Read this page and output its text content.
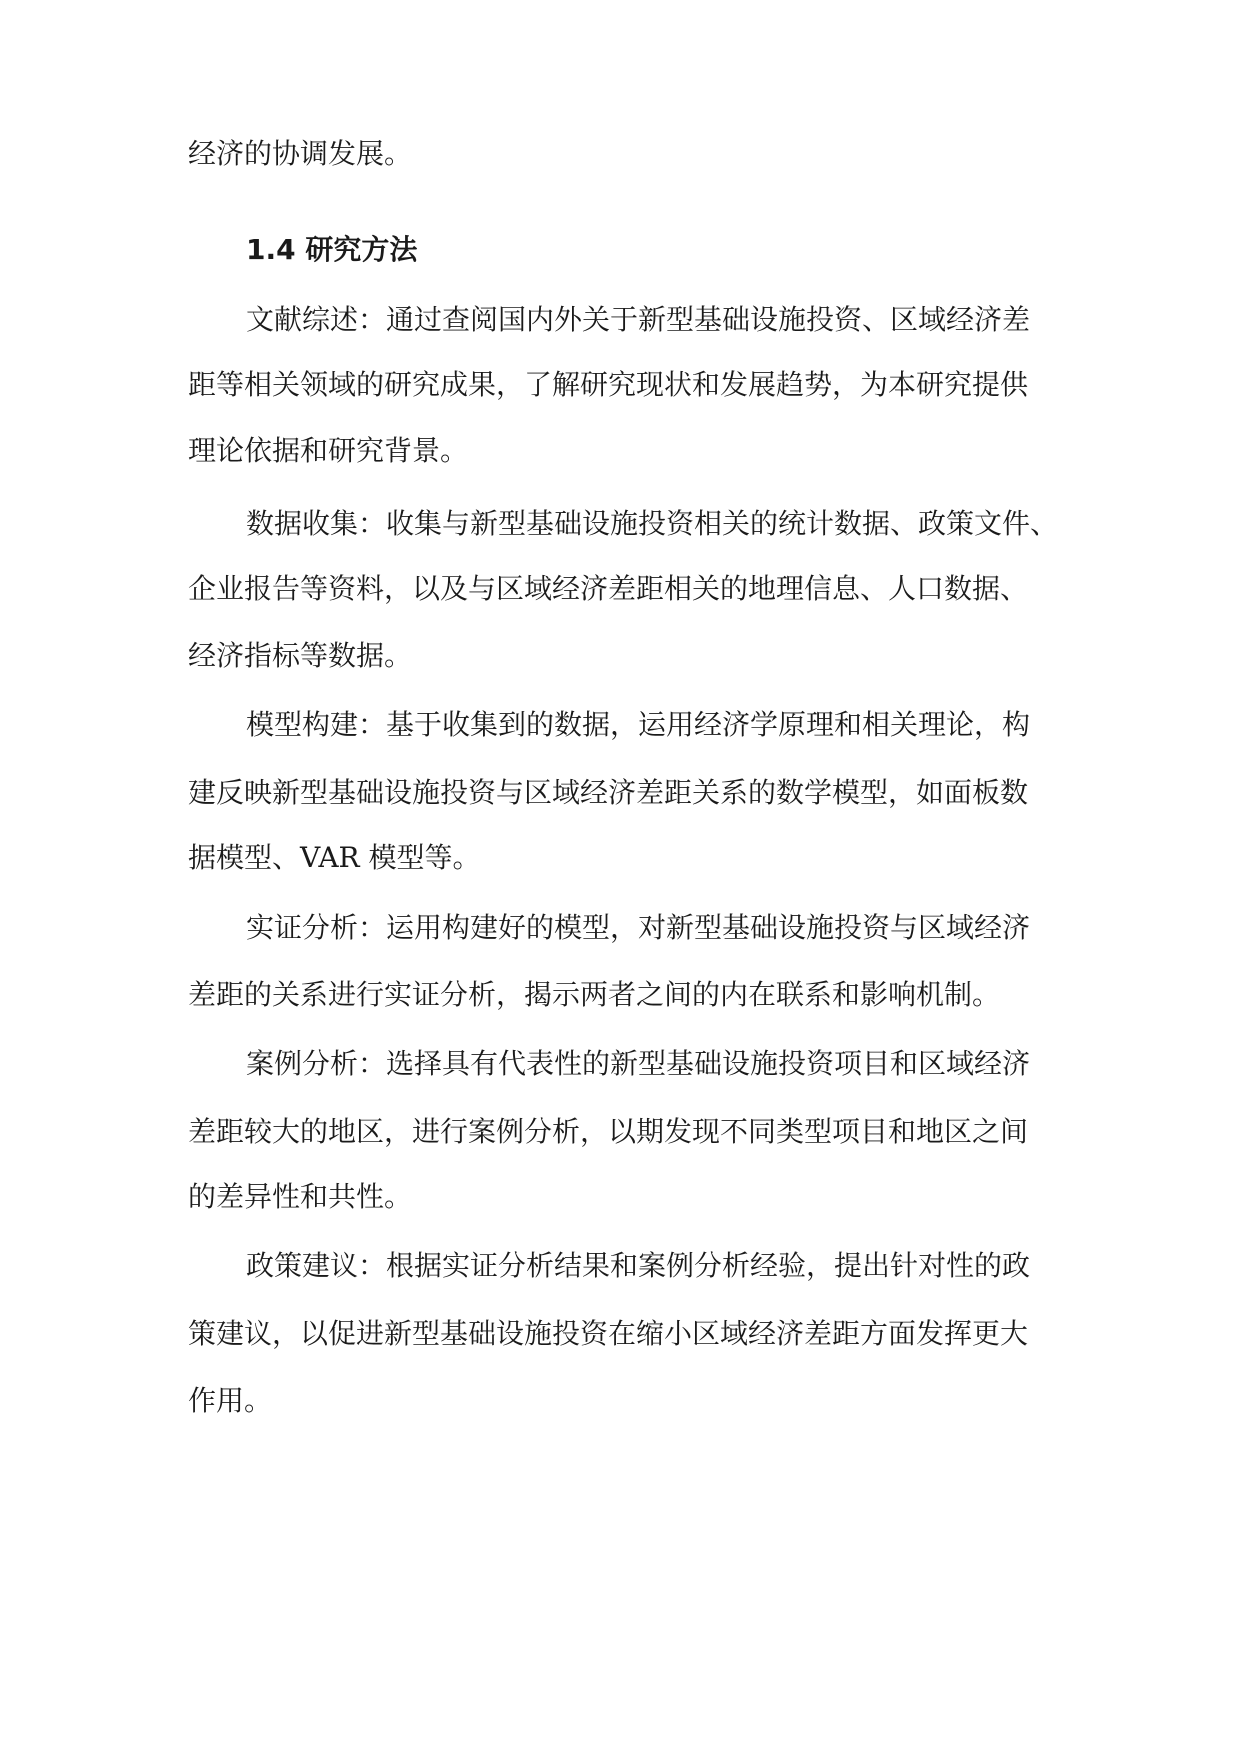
经济的协调发展。
1.4 研究方法
文献综述：通过查阅国内外关于新型基础设施投资、区域经济差
距等相关领域的研究成果，了解研究现状和发展趋势，为本研究提供
理论依据和研究背景。
数据收集：收集与新型基础设施投资相关的统计数据、政策文件、
企业报告等资料，以及与区域经济差距相关的地理信息、人口数据、
经济指标等数据。
模型构建：基于收集到的数据，运用经济学原理和相关理论，构
建反映新型基础设施投资与区域经济差距关系的数学模型，如面板数
据模型、VAR 模型等。
实证分析：运用构建好的模型，对新型基础设施投资与区域经济
差距的关系进行实证分析，揭示两者之间的内在联系和影响机制。
案例分析：选择具有代表性的新型基础设施投资项目和区域经济
差距较大的地区，进行案例分析，以期发现不同类型项目和地区之间
的差异性和共性。
政策建议：根据实证分析结果和案例分析经验，提出针对性的政
策建议，以促进新型基础设施投资在缩小区域经济差距方面发挥更大
作用。
